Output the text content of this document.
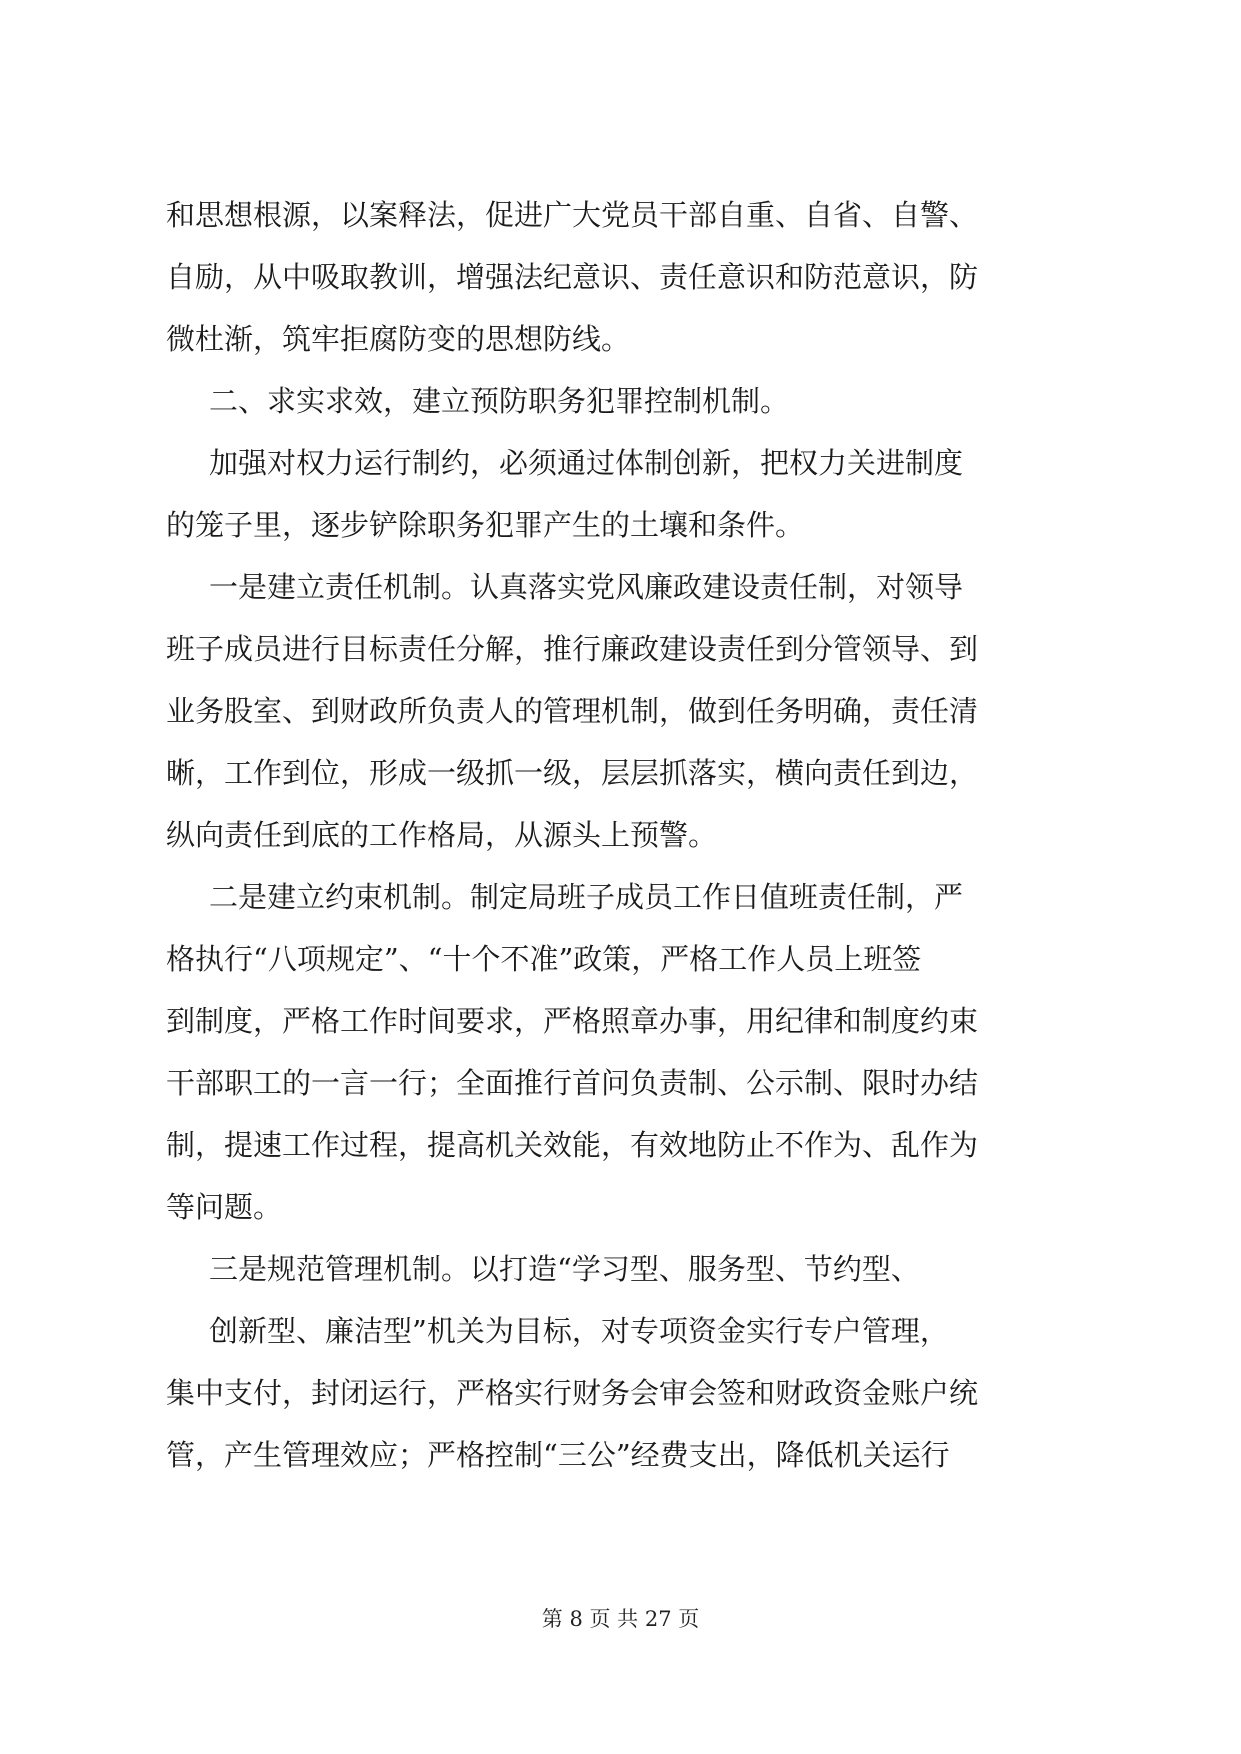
和思想根源，以案释法，促进广大党员干部自重、自省、自警、
自励，从中吸取教训，增强法纪意识、责任意识和防范意识，防
微杜渐，筑牢拒腐防变的思想防线。
二、求实求效，建立预防职务犯罪控制机制。
加强对权力运行制约，必须通过体制创新，把权力关进制度
的笼子里，逐步铲除职务犯罪产生的土壤和条件。
一是建立责任机制。认真落实党风廉政建设责任制，对领导
班子成员进行目标责任分解，推行廉政建设责任到分管领导、到
业务股室、到财政所负责人的管理机制，做到任务明确，责任清
晰，工作到位，形成一级抓一级，层层抓落实，横向责任到边，
纵向责任到底的工作格局，从源头上预警。
二是建立约束机制。制定局班子成员工作日值班责任制，严
格执行“八项规定”、“十个不准”政策，严格工作人员上班签
到制度，严格工作时间要求，严格照章办事，用纪律和制度约束
干部职工的一言一行；全面推行首问负责制、公示制、限时办结
制，提速工作过程，提高机关效能，有效地防止不作为、乱作为
等问题。
三是规范管理机制。以打造“学习型、服务型、节约型、
创新型、廉洁型”机关为目标，对专项资金实行专户管理，
集中支付，封闭运行，严格实行财务会审会签和财政资金账户统
管，产生管理效应；严格控制“三公”经费支出，降低机关运行
第 8 页 共 27 页
